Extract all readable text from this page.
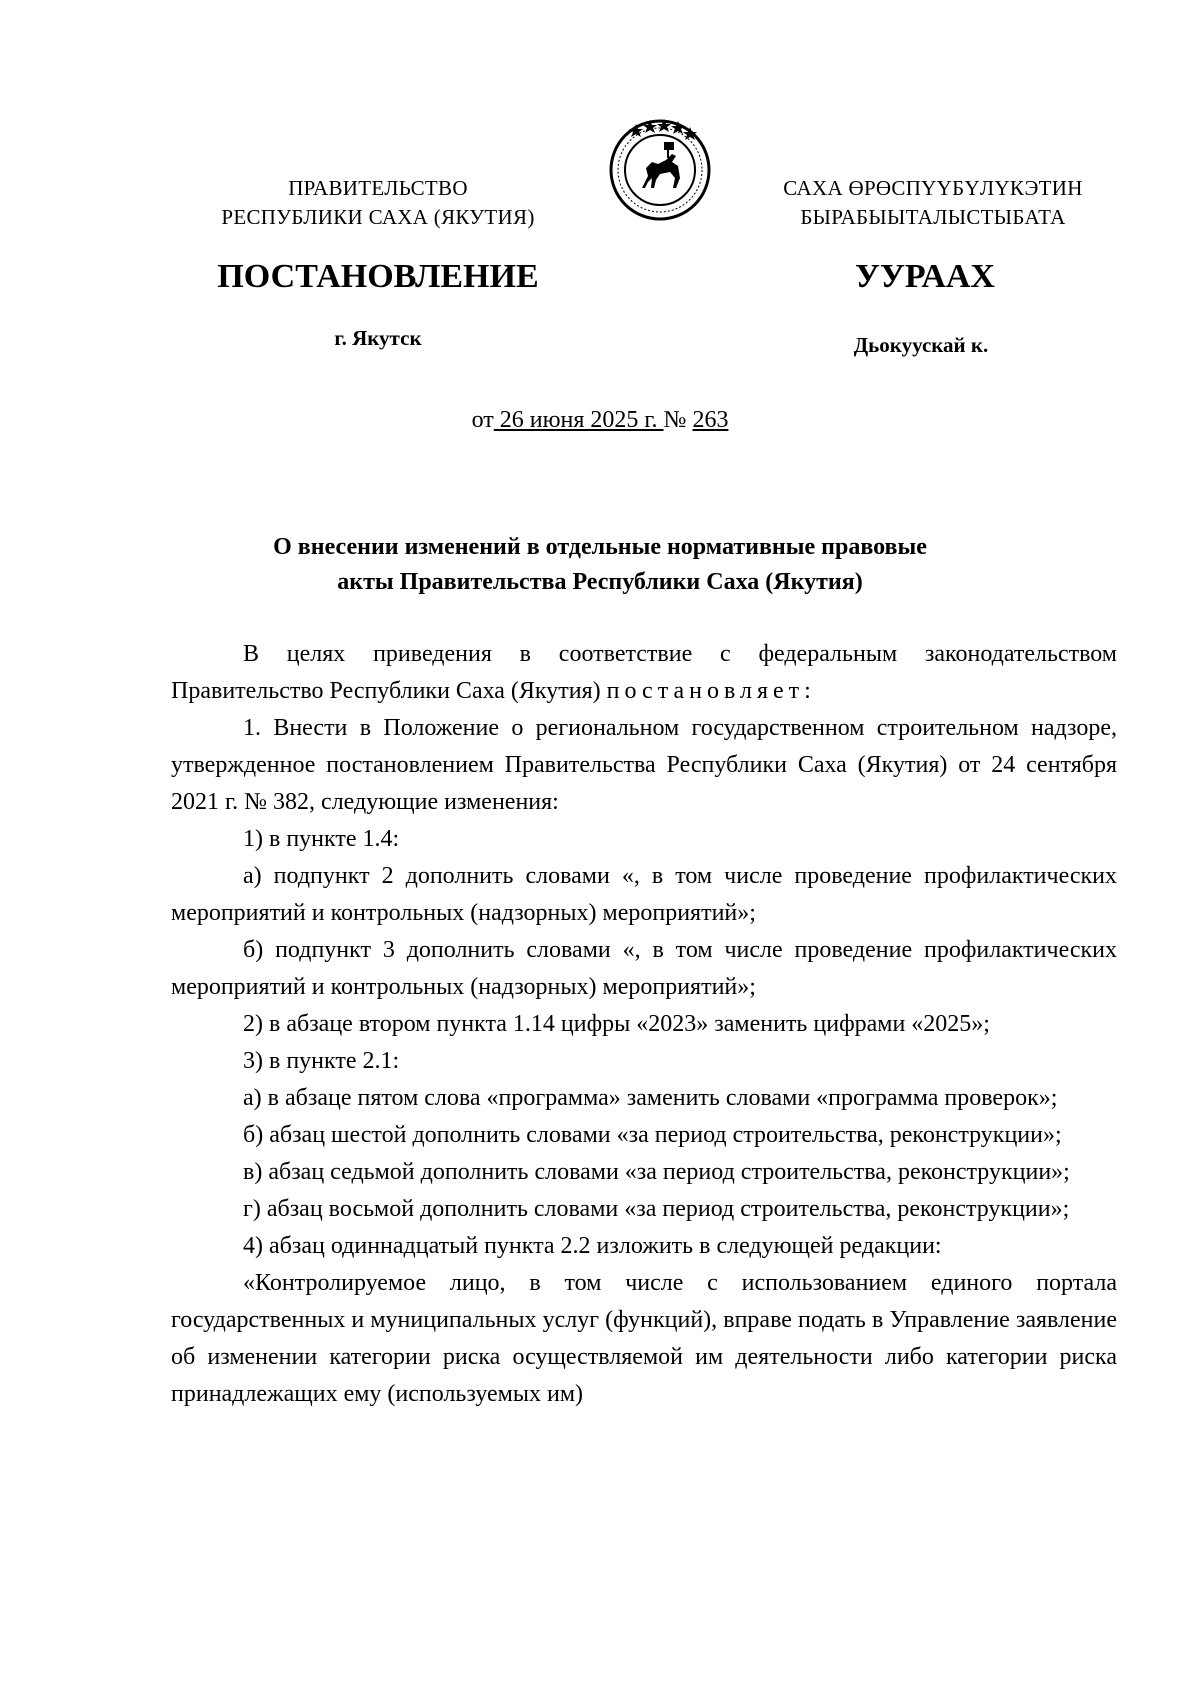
ПРАВИТЕЛЬСТВО
РЕСПУБЛИКИ САХА (ЯКУТИЯ)
САХА ӨРӨСПҮҮБҮЛҮКЭТИН
БЫРАБЫЫТАЛЫСТЫБАТА
ПОСТАНОВЛЕНИЕ	УУРААХ
г. Якутск	Дьокуускай к.
от 26 июня 2025 г. № 263
О внесении изменений в отдельные нормативные правовые
акты Правительства Республики Саха (Якутия)

В целях приведения в соответствие с федеральным законодательством Правительство Республики Саха (Якутия) постановляет:

1. Внести в Положение о региональном государственном строительном надзоре, утвержденное постановлением Правительства Республики Саха (Якутия) от 24 сентября 2021 г. № 382, следующие изменения:

1) в пункте 1.4:

а) подпункт 2 дополнить словами «, в том числе проведение профилактических мероприятий и контрольных (надзорных) мероприятий»;

б) подпункт 3 дополнить словами «, в том числе проведение профилактических мероприятий и контрольных (надзорных) мероприятий»;

2) в абзаце втором пункта 1.14 цифры «2023» заменить цифрами «2025»;

3) в пункте 2.1:

а) в абзаце пятом слова «программа» заменить словами «программа проверок»;

б) абзац шестой дополнить словами «за период строительства, реконструкции»;

в) абзац седьмой дополнить словами «за период строительства, реконструкции»;

г) абзац восьмой дополнить словами «за период строительства, реконструкции»;

4) абзац одиннадцатый пункта 2.2 изложить в следующей редакции:

«Контролируемое лицо, в том числе с использованием единого портала государственных и муниципальных услуг (функций), вправе подать в Управление заявление об изменении категории риска осуществляемой им деятельности либо категории риска принадлежащих ему (используемых им)
